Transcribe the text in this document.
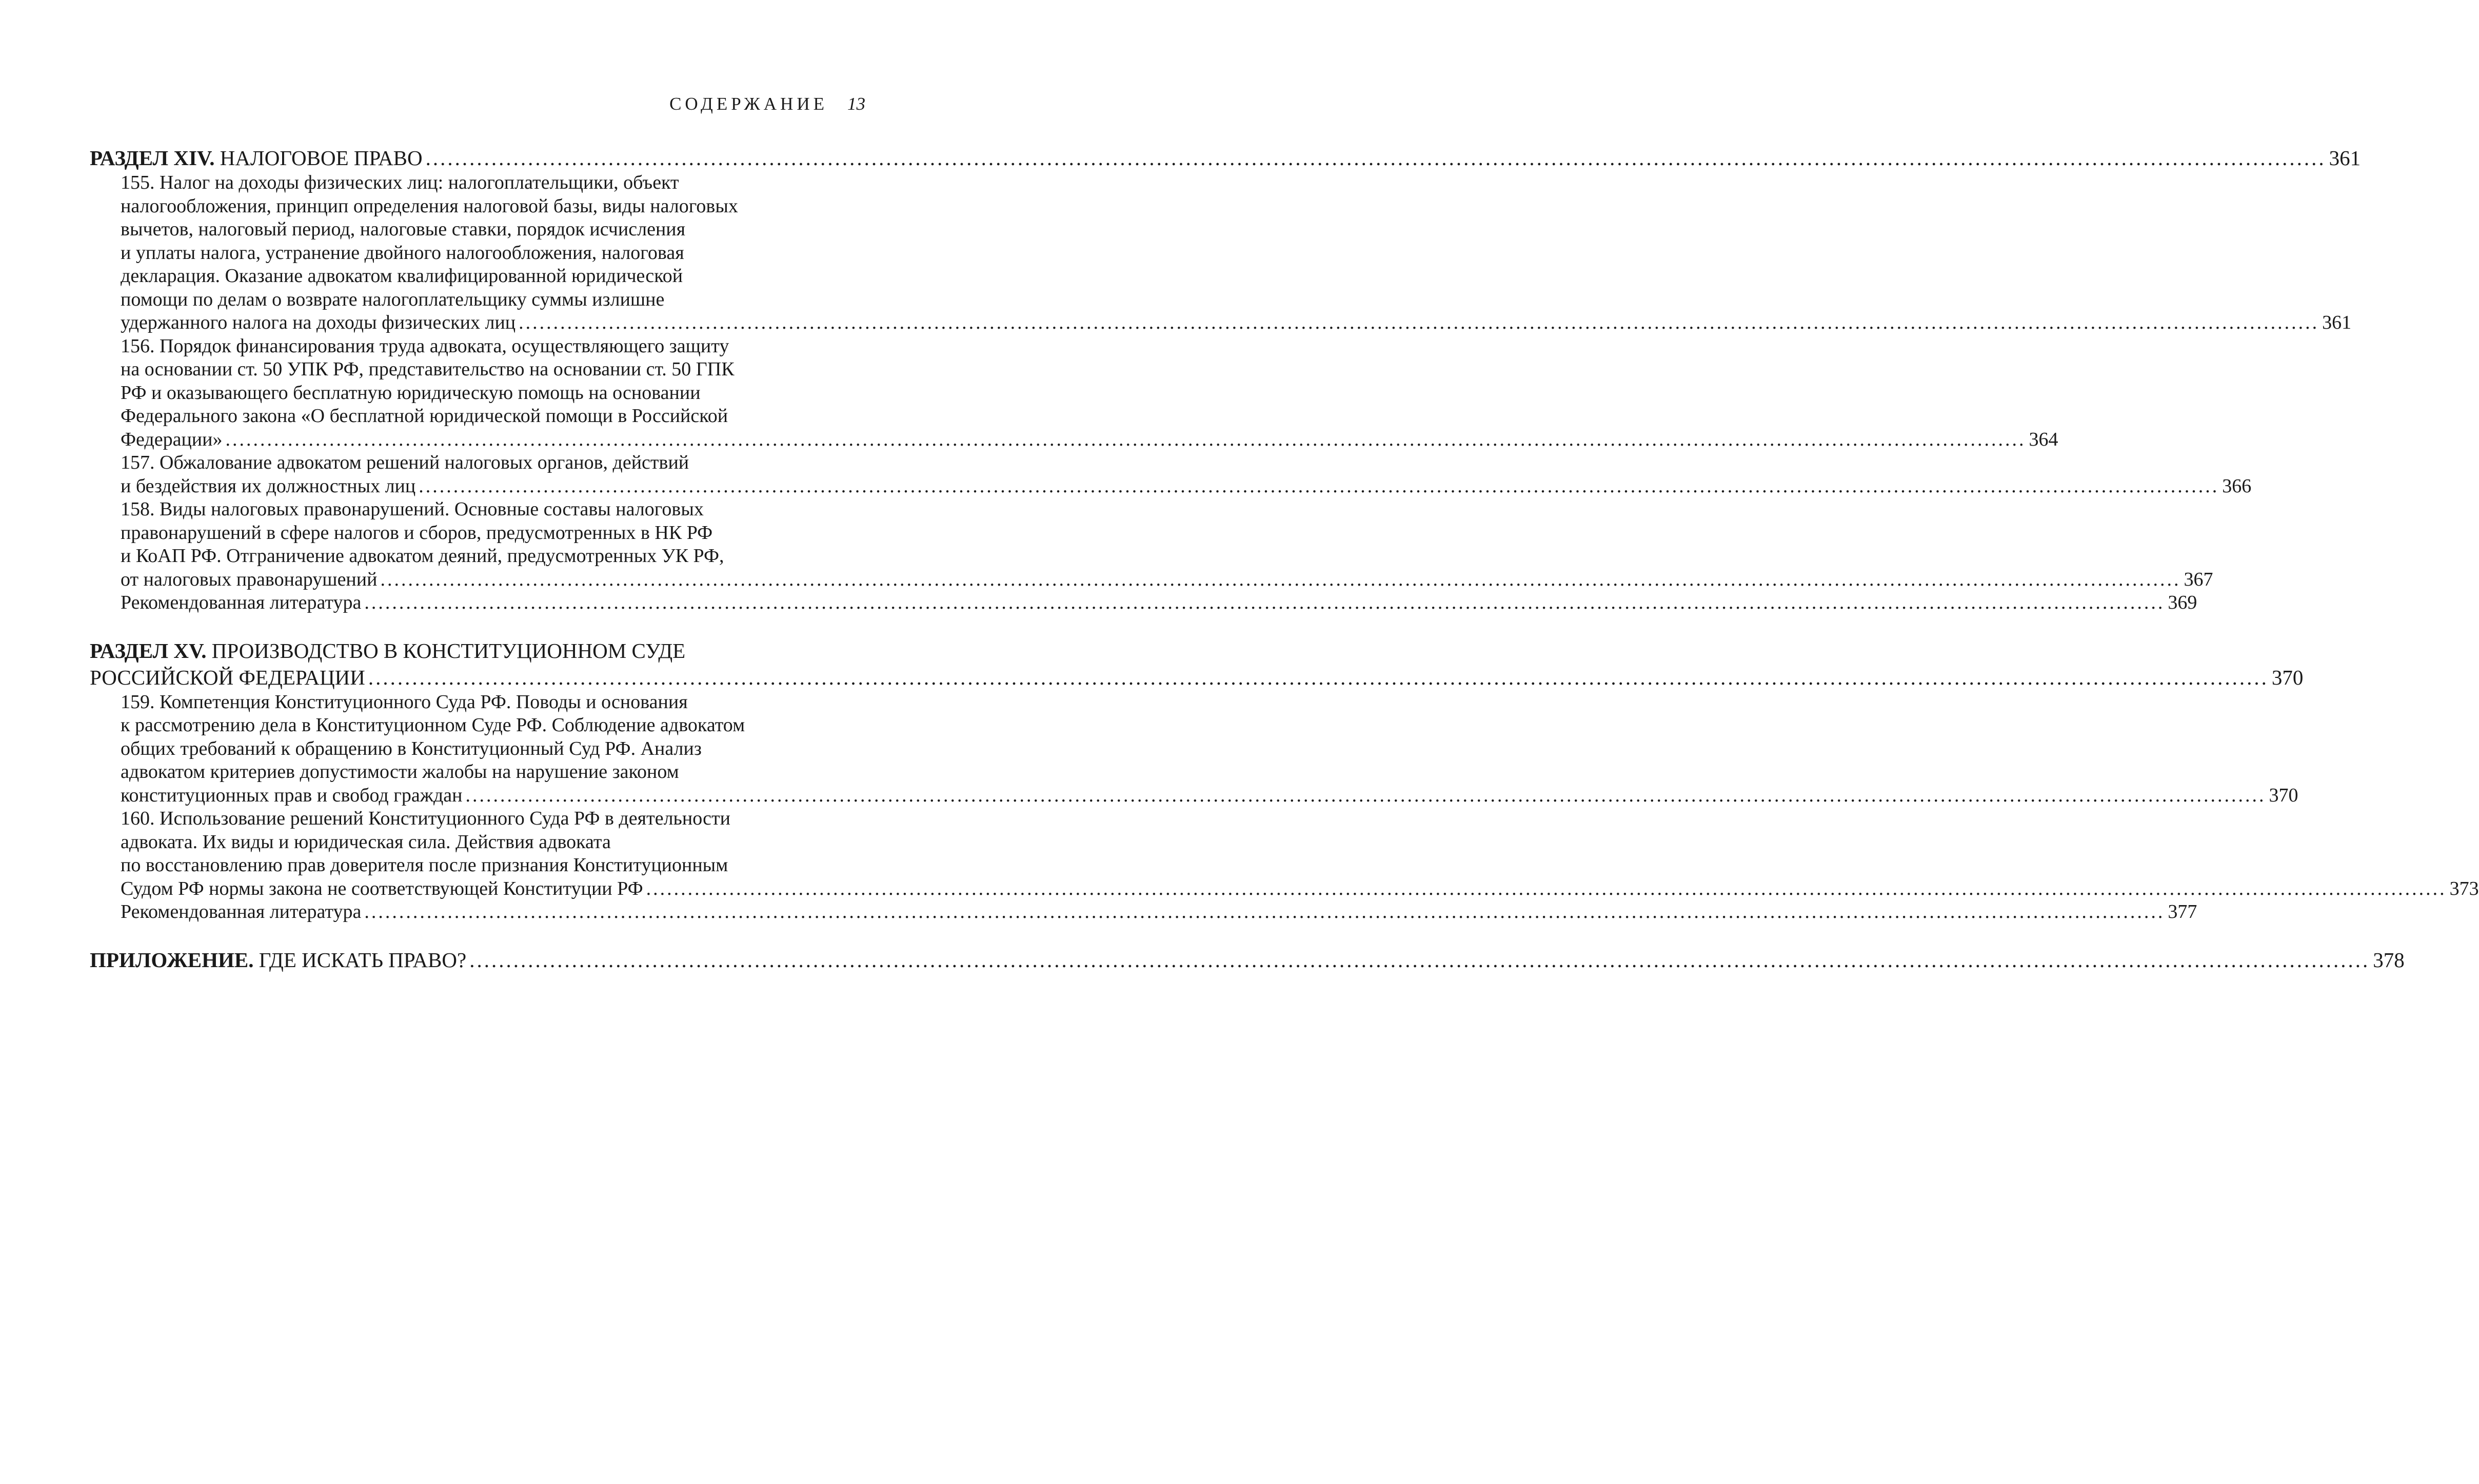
СОДЕРЖАНИЕ 13
РАЗДЕЛ XIV. НАЛОГОВОЕ ПРАВО .................................................................................................................................................................................................................................................................... 361
155. Налог на доходы физических лиц: налогоплательщики, объект
налогообложения, принцип определения налоговой базы, виды налоговых
вычетов, налоговый период, налоговые ставки, порядок исчисления
и уплаты налога, устранение двойного налогообложения, налоговая
декларация. Оказание адвокатом квалифицированной юридической
помощи по делам о возврате налогоплательщику суммы излишне
удержанного налога на доходы физических лиц .................................................................................................................................................................................................................................................................... 361
156. Порядок финансирования труда адвоката, осуществляющего защиту
на основании ст. 50 УПК РФ, представительство на основании ст. 50 ГПК
РФ и оказывающего бесплатную юридическую помощь на основании
Федерального закона «О бесплатной юридической помощи в Российской
Федерации» .................................................................................................................................................................................................................................................................... 364
157. Обжалование адвокатом решений налоговых органов, действий
и бездействия их должностных лиц .................................................................................................................................................................................................................................................................... 366
158. Виды налоговых правонарушений. Основные составы налоговых
правонарушений в сфере налогов и сборов, предусмотренных в НК РФ
и КоАП РФ. Отграничение адвокатом деяний, предусмотренных УК РФ,
от налоговых правонарушений .................................................................................................................................................................................................................................................................... 367
Рекомендованная литература .................................................................................................................................................................................................................................................................... 369
РАЗДЕЛ XV. ПРОИЗВОДСТВО В КОНСТИТУЦИОННОМ СУДЕ
РОССИЙСКОЙ ФЕДЕРАЦИИ .................................................................................................................................................................................................................................................................... 370
159. Компетенция Конституционного Суда РФ. Поводы и основания
к рассмотрению дела в Конституционном Суде РФ. Соблюдение адвокатом
общих требований к обращению в Конституционный Суд РФ. Анализ
адвокатом критериев допустимости жалобы на нарушение законом
конституционных прав и свобод граждан .................................................................................................................................................................................................................................................................... 370
160. Использование решений Конституционного Суда РФ в деятельности
адвоката. Их виды и юридическая сила. Действия адвоката
по восстановлению прав доверителя после признания Конституционным
Судом РФ нормы закона не соответствующей Конституции РФ .................................................................................................................................................................................................................................................................... 373
Рекомендованная литература .................................................................................................................................................................................................................................................................... 377
ПРИЛОЖЕНИЕ. ГДЕ ИСКАТЬ ПРАВО? .................................................................................................................................................................................................................................................................... 378
